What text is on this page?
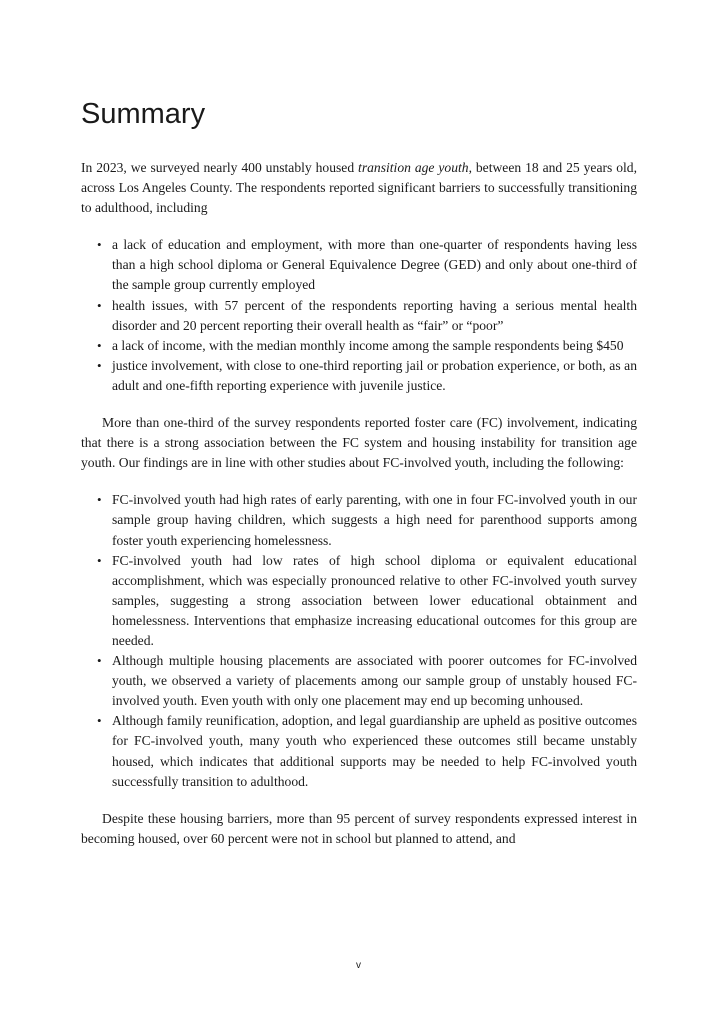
Summary

In 2023, we surveyed nearly 400 unstably housed transition age youth, between 18 and 25 years old, across Los Angeles County. The respondents reported significant barriers to successfully transitioning to adulthood, including

• a lack of education and employment, with more than one-quarter of respondents having less than a high school diploma or General Equivalence Degree (GED) and only about one-third of the sample group currently employed
• health issues, with 57 percent of the respondents reporting having a serious mental health disorder and 20 percent reporting their overall health as “fair” or “poor”
• a lack of income, with the median monthly income among the sample respondents being $450
• justice involvement, with close to one-third reporting jail or probation experience, or both, as an adult and one-fifth reporting experience with juvenile justice.

More than one-third of the survey respondents reported foster care (FC) involvement, indicating that there is a strong association between the FC system and housing instability for transition age youth. Our findings are in line with other studies about FC-involved youth, including the following:

• FC-involved youth had high rates of early parenting, with one in four FC-involved youth in our sample group having children, which suggests a high need for parenthood supports among foster youth experiencing homelessness.
• FC-involved youth had low rates of high school diploma or equivalent educational accomplishment, which was especially pronounced relative to other FC-involved youth survey samples, suggesting a strong association between lower educational obtainment and homelessness. Interventions that emphasize increasing educational outcomes for this group are needed.
• Although multiple housing placements are associated with poorer outcomes for FC-involved youth, we observed a variety of placements among our sample group of unstably housed FC-involved youth. Even youth with only one placement may end up becoming unhoused.
• Although family reunification, adoption, and legal guardianship are upheld as positive outcomes for FC-involved youth, many youth who experienced these outcomes still became unstably housed, which indicates that additional supports may be needed to help FC-involved youth successfully transition to adulthood.

Despite these housing barriers, more than 95 percent of survey respondents expressed interest in becoming housed, over 60 percent were not in school but planned to attend, and

v
